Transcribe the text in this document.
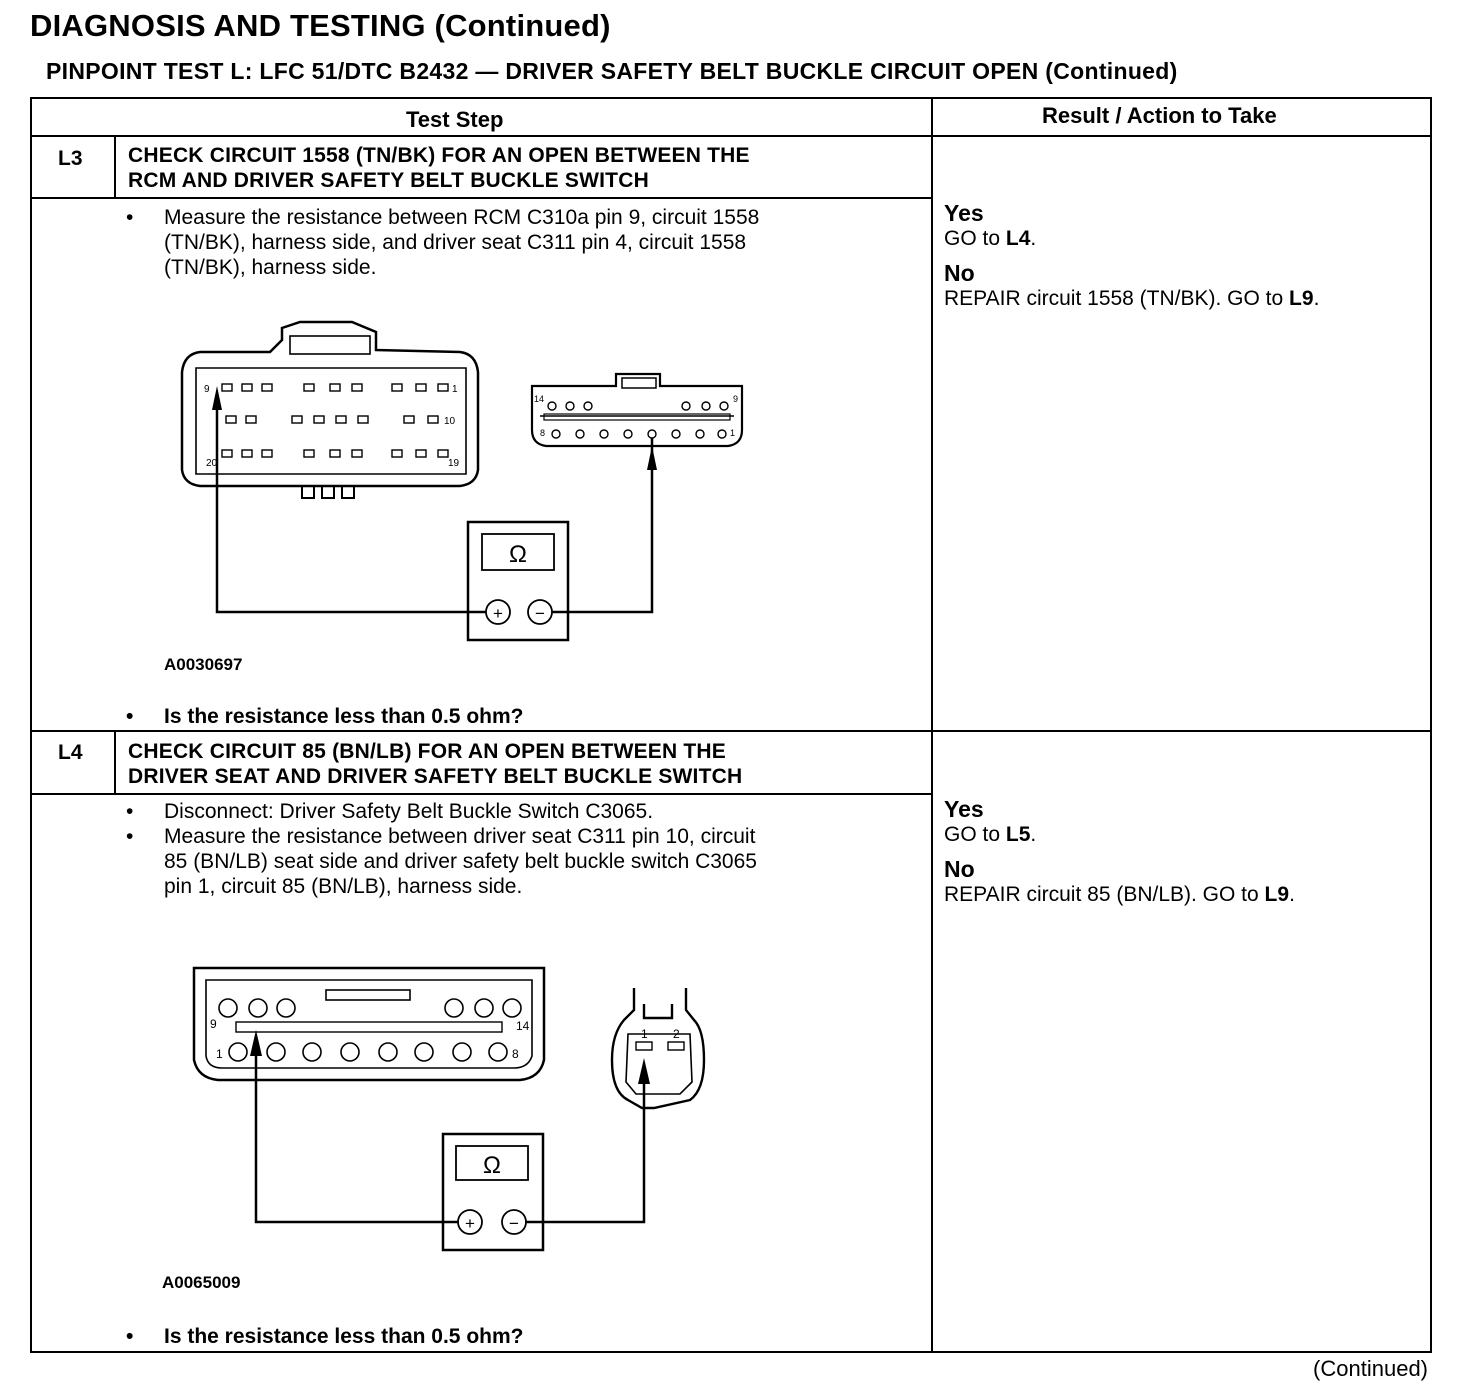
DIAGNOSIS AND TESTING (Continued)
PINPOINT TEST L: LFC 51/DTC B2432 — DRIVER SAFETY BELT BUCKLE CIRCUIT OPEN (Continued)
Test Step	Result / Action to Take
L3 CHECK CIRCUIT 1558 (TN/BK) FOR AN OPEN BETWEEN THE
RCM AND DRIVER SAFETY BELT BUCKLE SWITCH
• Measure the resistance between RCM C310a pin 9, circuit 1558
(TN/BK), harness side, and driver seat C311 pin 4, circuit 1558
(TN/BK), harness side.
A0030697
• Is the resistance less than 0.5 ohm?
Yes
GO to L4.
No
REPAIR circuit 1558 (TN/BK). GO to L9.
L4 CHECK CIRCUIT 85 (BN/LB) FOR AN OPEN BETWEEN THE
DRIVER SEAT AND DRIVER SAFETY BELT BUCKLE SWITCH
• Disconnect: Driver Safety Belt Buckle Switch C3065.
• Measure the resistance between driver seat C311 pin 10, circuit
85 (BN/LB) seat side and driver safety belt buckle switch C3065
pin 1, circuit 85 (BN/LB), harness side.
A0065009
• Is the resistance less than 0.5 ohm?
Yes
GO to L5.
No
REPAIR circuit 85 (BN/LB). GO to L9.
9	1
10
20	19
14	9
8	1
Ω
+ −
9	14
1	8
1 2
Ω
+ −
(Continued)
